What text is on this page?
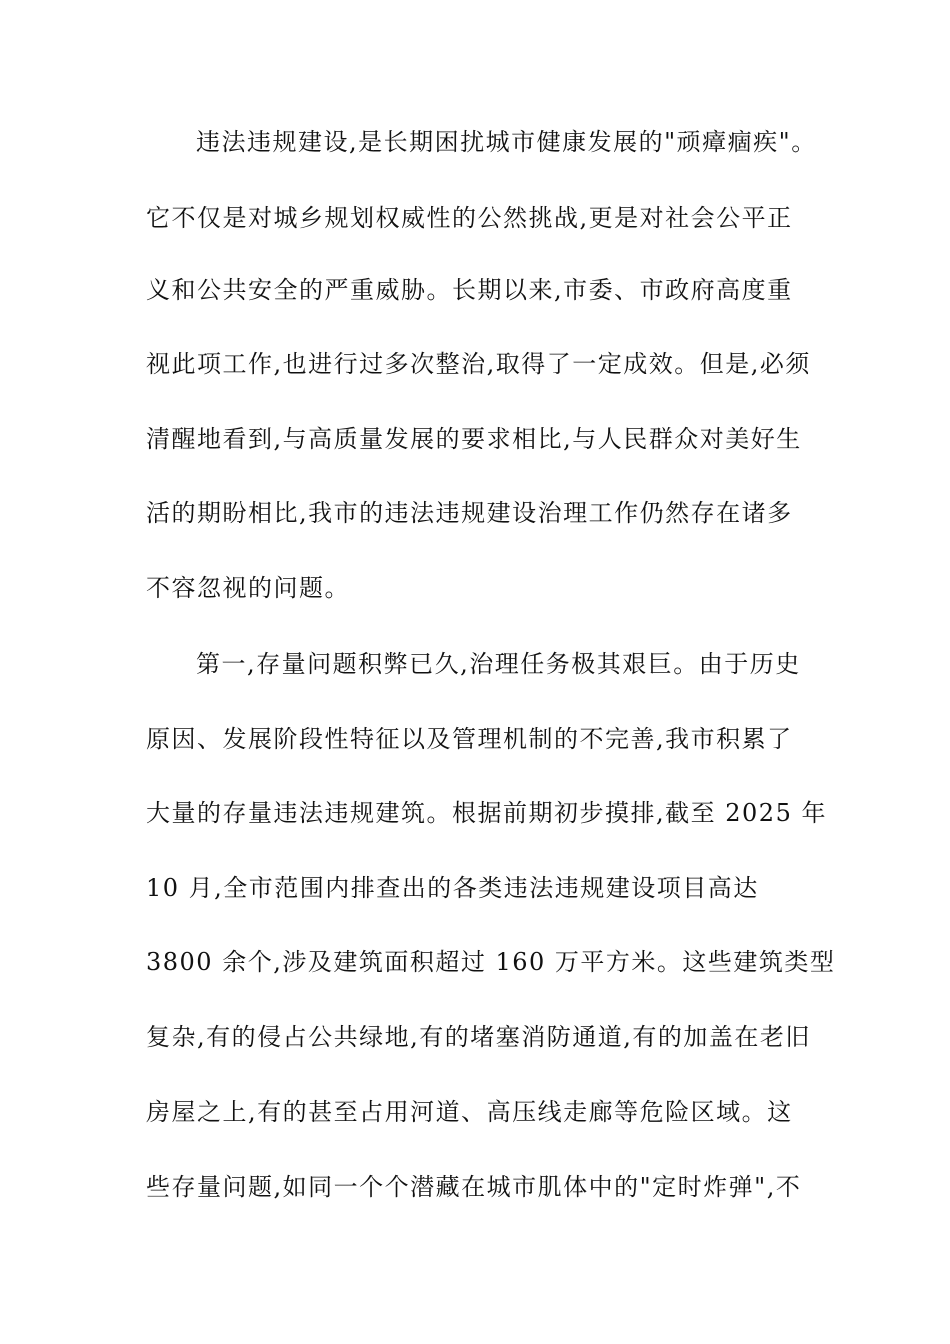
违法违规建设,是长期困扰城市健康发展的"顽瘴痼疾"。
它不仅是对城乡规划权威性的公然挑战,更是对社会公平正
义和公共安全的严重威胁。长期以来,市委、市政府高度重
视此项工作,也进行过多次整治,取得了一定成效。但是,必须
清醒地看到,与高质量发展的要求相比,与人民群众对美好生
活的期盼相比,我市的违法违规建设治理工作仍然存在诸多
不容忽视的问题。
第一,存量问题积弊已久,治理任务极其艰巨。由于历史
原因、发展阶段性特征以及管理机制的不完善,我市积累了
大量的存量违法违规建筑。根据前期初步摸排,截至 2025 年
10 月,全市范围内排查出的各类违法违规建设项目高达
3800 余个,涉及建筑面积超过 160 万平方米。这些建筑类型
复杂,有的侵占公共绿地,有的堵塞消防通道,有的加盖在老旧
房屋之上,有的甚至占用河道、高压线走廊等危险区域。这
些存量问题,如同一个个潜藏在城市肌体中的"定时炸弹",不
